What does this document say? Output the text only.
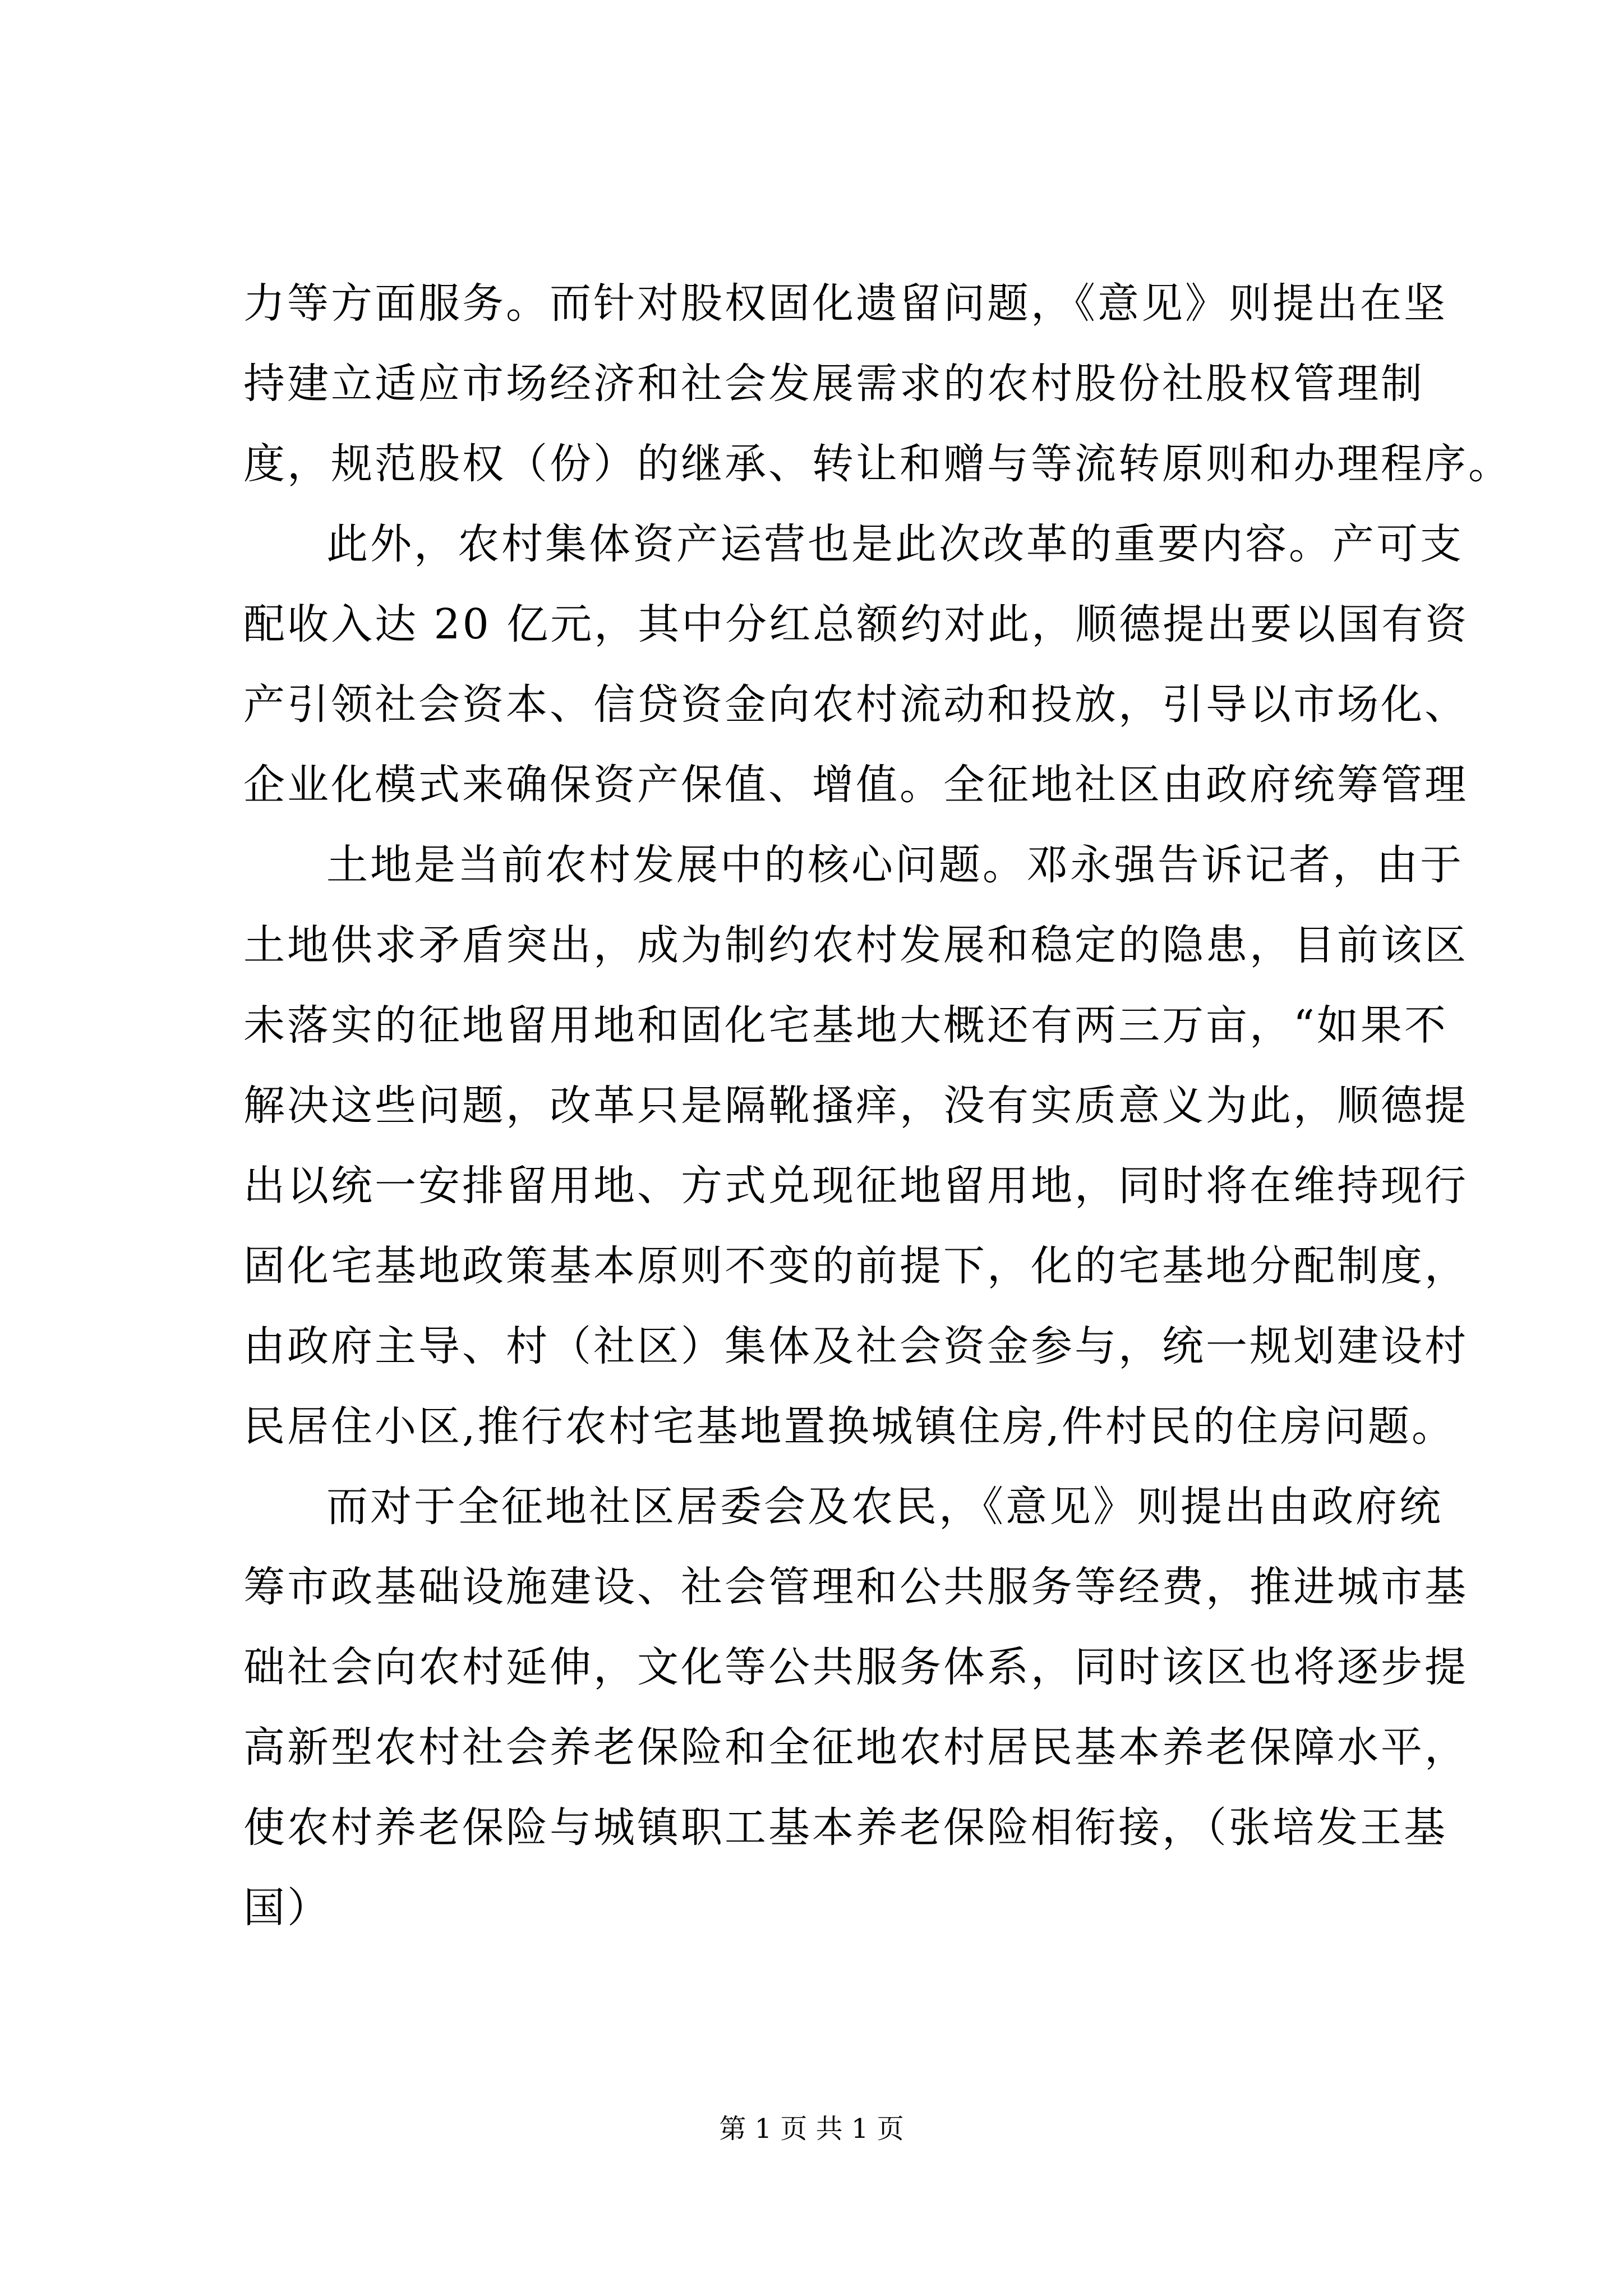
力等方面服务。而针对股权固化遗留问题，《意见》则提出在坚
持建立适应市场经济和社会发展需求的农村股份社股权管理制
度，规范股权（份）的继承、转让和赠与等流转原则和办理程序。
此外，农村集体资产运营也是此次改革的重要内容。产可支
配收入达 20 亿元，其中分红总额约对此，顺德提出要以国有资
产引领社会资本、信贷资金向农村流动和投放，引导以市场化、
企业化模式来确保资产保值、增值。全征地社区由政府统筹管理
土地是当前农村发展中的核心问题。邓永强告诉记者，由于
土地供求矛盾突出，成为制约农村发展和稳定的隐患，目前该区
未落实的征地留用地和固化宅基地大概还有两三万亩，“如果不
解决这些问题，改革只是隔靴搔痒，没有实质意义为此，顺德提
出以统一安排留用地、方式兑现征地留用地，同时将在维持现行
固化宅基地政策基本原则不变的前提下，化的宅基地分配制度，
由政府主导、村（社区）集体及社会资金参与，统一规划建设村
民居住小区,推行农村宅基地置换城镇住房,件村民的住房问题。
而对于全征地社区居委会及农民，《意见》则提出由政府统
筹市政基础设施建设、社会管理和公共服务等经费，推进城市基
础社会向农村延伸，文化等公共服务体系，同时该区也将逐步提
高新型农村社会养老保险和全征地农村居民基本养老保障水平，
使农村养老保险与城镇职工基本养老保险相衔接，（张培发王基
国）
第 1 页 共 1 页
